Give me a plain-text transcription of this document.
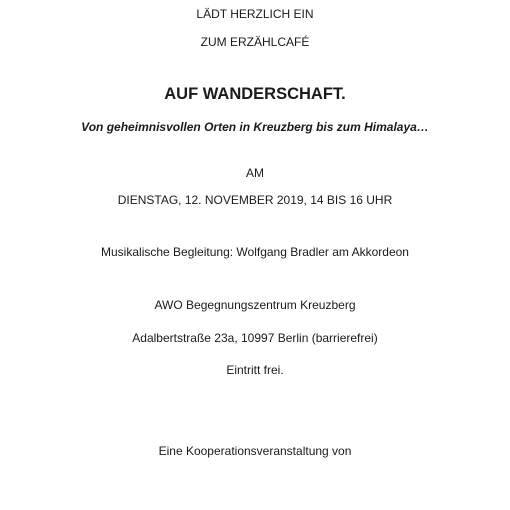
LÄDT HERZLICH EIN
ZUM ERZÄHLCAFÉ
AUF WANDERSCHAFT.
Von geheimnisvollen Orten in Kreuzberg bis zum Himalaya…
AM
DIENSTAG, 12. NOVEMBER 2019, 14 BIS 16 UHR
Musikalische Begleitung: Wolfgang Bradler am Akkordeon
AWO Begegnungszentrum Kreuzberg
Adalbertstraße 23a, 10997 Berlin (barrierefrei)
Eintritt frei.
Eine Kooperationsveranstaltung von
